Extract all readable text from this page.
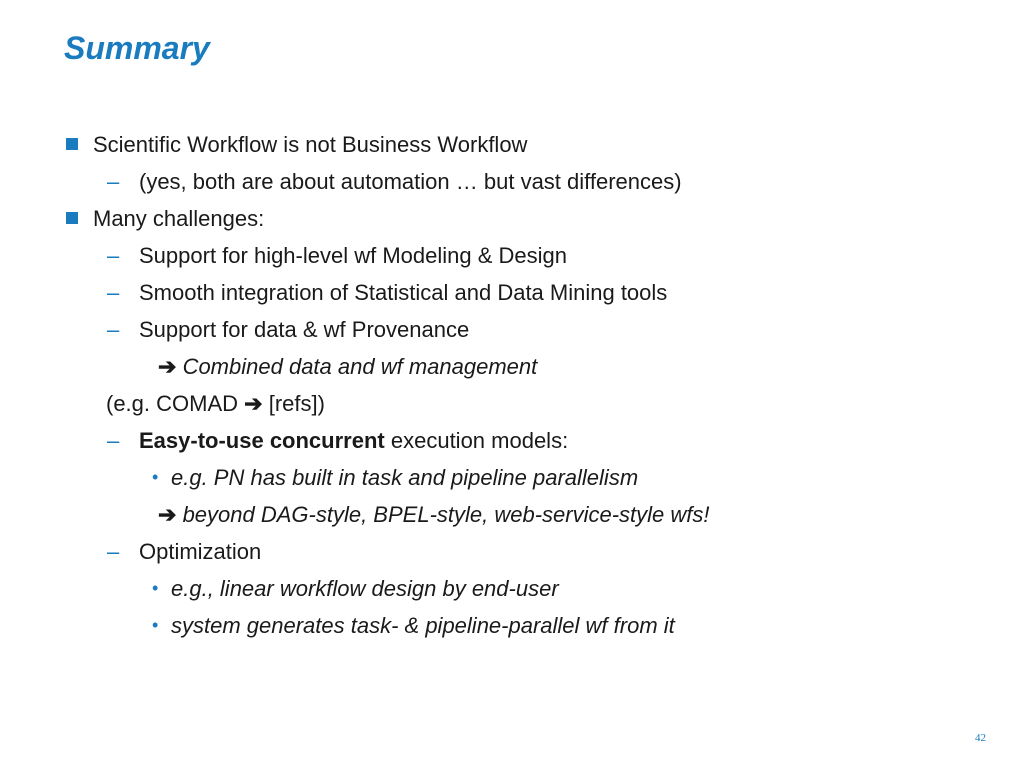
Summary
Scientific Workflow is not Business Workflow
– (yes, both are about automation … but vast differences)
Many challenges:
– Support for high-level wf Modeling & Design
– Smooth integration of Statistical and Data Mining tools
– Support for data & wf Provenance
➔ Combined data and wf management
(e.g. COMAD ➔ [refs])
– Easy-to-use concurrent execution models:
• e.g. PN has built in task and pipeline parallelism
➔ beyond DAG-style, BPEL-style, web-service-style wfs!
– Optimization
• e.g., linear workflow design by end-user
• system generates task- & pipeline-parallel wf from it
42
